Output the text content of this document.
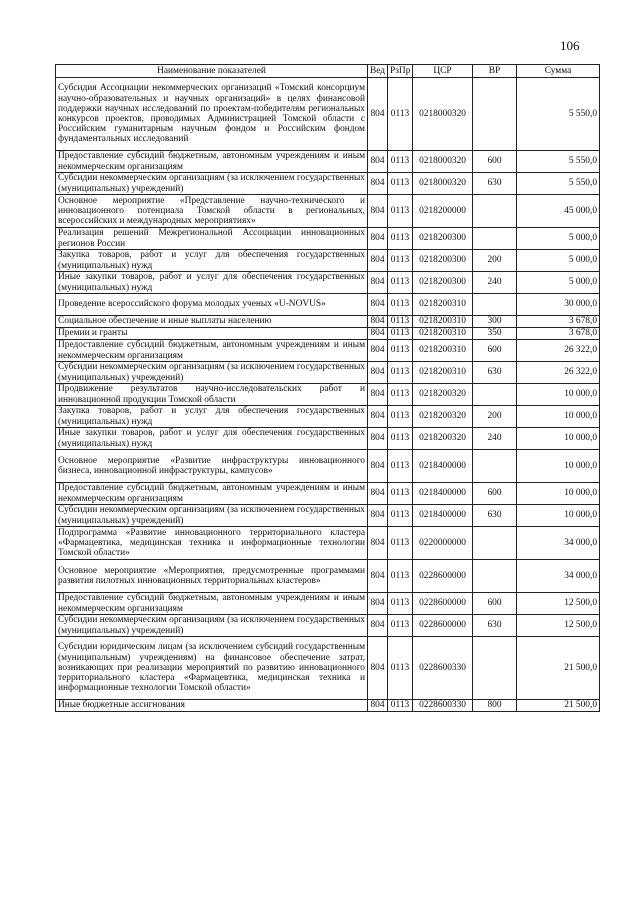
106
Наименование показателей	Вед	РзПр	ЦСР	ВР	Сумма
Субсидия Ассоциации некоммерческих организаций «Томский консорциум научно-образовательных и научных организаций» в целях финансовой поддержки научных исследований по проектам-победителям региональных конкурсов проектов, проводимых Администрацией Томской области с Российским гуманитарным научным фондом и Российским фондом фундаментальных исследований	804	0113	0218000320		5 550,0
Предоставление субсидий бюджетным, автономным учреждениям и иным некоммерческим организациям	804	0113	0218000320	600	5 550,0
Субсидии некоммерческим организациям (за исключением государственных (муниципальных) учреждений)	804	0113	0218000320	630	5 550,0
Основное мероприятие «Представление научно-технического и инновационного потенциала Томской области в региональных, всероссийских и международных мероприятиях»	804	0113	0218200000		45 000,0
Реализация решений Межрегиональной Ассоциации инновационных регионов России	804	0113	0218200300		5 000,0
Закупка товаров, работ и услуг для обеспечения государственных (муниципальных) нужд	804	0113	0218200300	200	5 000,0
Иные закупки товаров, работ и услуг для обеспечения государственных (муниципальных) нужд	804	0113	0218200300	240	5 000,0
Проведение всероссийского форума молодых ученых «U-NOVUS»	804	0113	0218200310		30 000,0
Социальное обеспечение и иные выплаты населению	804	0113	0218200310	300	3 678,0
Премии и гранты	804	0113	0218200310	350	3 678,0
Предоставление субсидий бюджетным, автономным учреждениям и иным некоммерческим организациям	804	0113	0218200310	600	26 322,0
Субсидии некоммерческим организациям (за исключением государственных (муниципальных) учреждений)	804	0113	0218200310	630	26 322,0
Продвижение результатов научно-исследовательских работ и инновационной продукции Томской области	804	0113	0218200320		10 000,0
Закупка товаров, работ и услуг для обеспечения государственных (муниципальных) нужд	804	0113	0218200320	200	10 000,0
Иные закупки товаров, работ и услуг для обеспечения государственных (муниципальных) нужд	804	0113	0218200320	240	10 000,0
Основное мероприятие «Развитие инфраструктуры инновационного бизнеса, инновационной инфраструктуры, кампусов»	804	0113	0218400000		10 000,0
Предоставление субсидий бюджетным, автономным учреждениям и иным некоммерческим организациям	804	0113	0218400000	600	10 000,0
Субсидии некоммерческим организациям (за исключением государственных (муниципальных) учреждений)	804	0113	0218400000	630	10 000,0
Подпрограмма «Развитие инновационного территориального кластера «Фармацевтика, медицинская техника и информационные технологии Томской области»	804	0113	0220000000		34 000,0
Основное мероприятие «Мероприятия, предусмотренные программами развития пилотных инновационных территориальных кластеров»	804	0113	0228600000		34 000,0
Предоставление субсидий бюджетным, автономным учреждениям и иным некоммерческим организациям	804	0113	0228600000	600	12 500,0
Субсидии некоммерческим организациям (за исключением государственных (муниципальных) учреждений)	804	0113	0228600000	630	12 500,0
Субсидии юридическим лицам (за исключением субсидий государственным (муниципальным) учреждениям) на финансовое обеспечение затрат, возникающих при реализации мероприятий по развитию инновационного территориального кластера «Фармацевтика, медицинская техника и информационные технологии Томской области»	804	0113	0228600330		21 500,0
Иные бюджетные ассигнования	804	0113	0228600330	800	21 500,0
